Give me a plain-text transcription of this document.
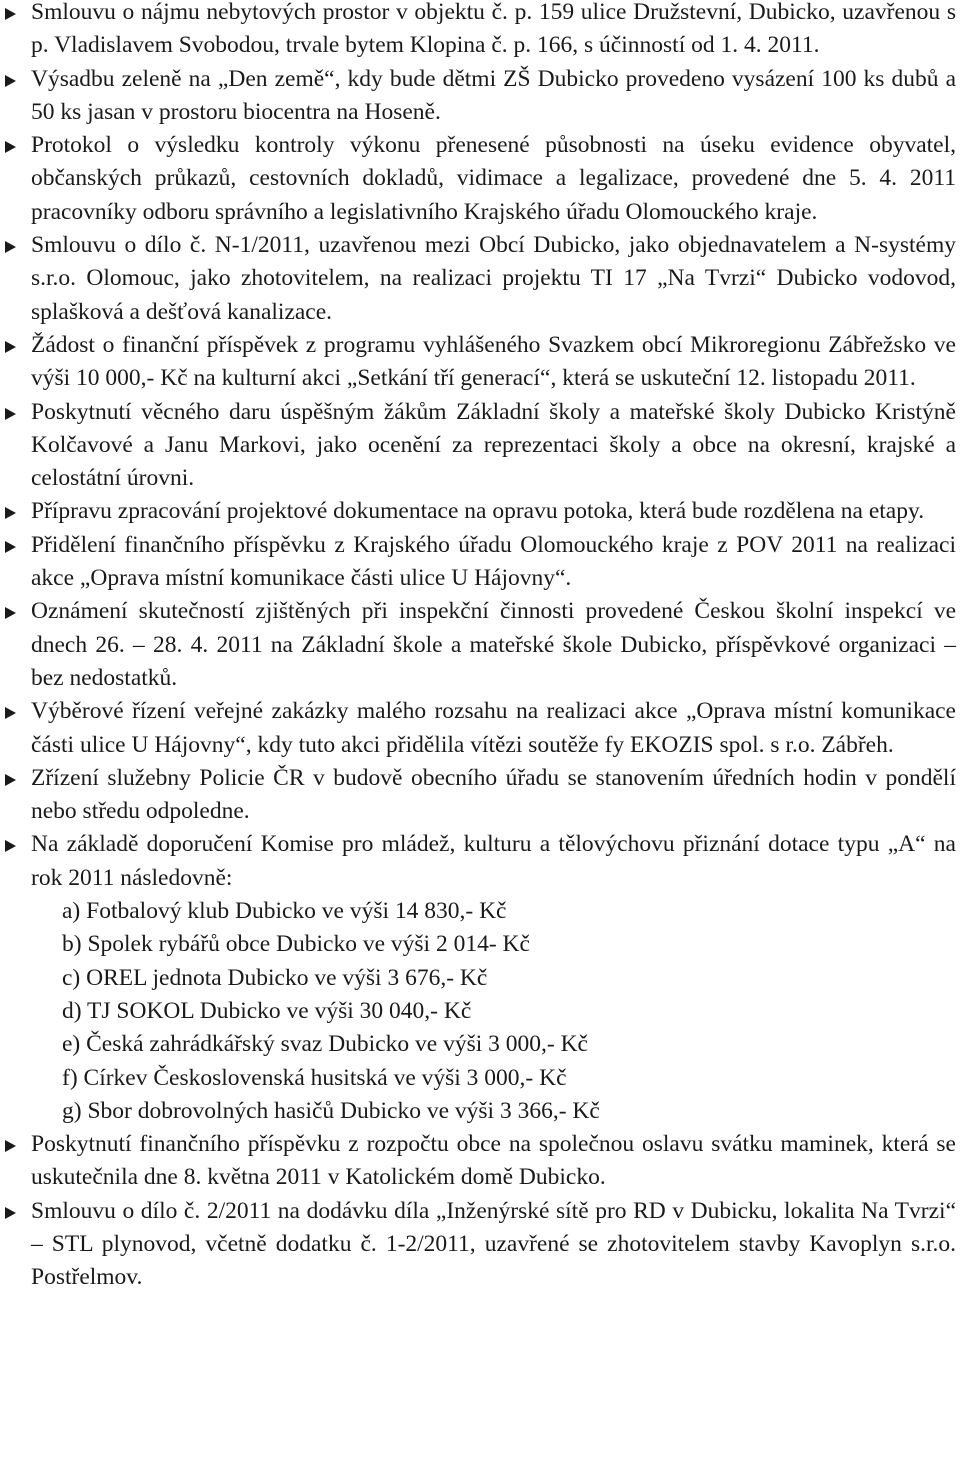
Smlouvu o nájmu nebytových prostor v objektu č. p. 159 ulice Družstevní, Dubicko, uzavřenou s p. Vladislavem Svobodou, trvale bytem Klopina č. p. 166, s účinností od 1. 4. 2011.
Výsadbu zeleně na „Den země“, kdy bude dětmi ZŠ Dubicko provedeno vysázení 100 ks dubů a 50 ks jasan v prostoru biocentra na Hoseně.
Protokol o výsledku kontroly výkonu přenesené působnosti na úseku evidence obyvatel, občanských průkazů, cestovních dokladů, vidimace a legalizace, provedené dne 5. 4. 2011 pracovníky odboru správního a legislativního Krajského úřadu Olomouckého kraje.
Smlouvu o dílo č. N-1/2011, uzavřenou mezi Obcí Dubicko, jako objednavatelem a N-systémy s.r.o. Olomouc, jako zhotovitelem, na realizaci projektu TI 17 „Na Tvrzi“ Dubicko vodovod, splašková a dešťová kanalizace.
Žádost o finanční příspěvek z programu vyhlášeného Svazkem obcí Mikroregionu Zábřežsko ve výši 10 000,- Kč na kulturní akci „Setkání tří generací“, která se uskuteční 12. listopadu 2011.
Poskytnutí věcného daru úspěšným žákům Základní školy a mateřské školy Dubicko Kristýně Kolčavové a Janu Markovi, jako ocenění za reprezentaci školy a obce na okresní, krajské a celostátní úrovni.
Přípravu zpracování projektové dokumentace na opravu potoka, která bude rozdělena na etapy.
Přidělení finančního příspěvku z Krajského úřadu Olomouckého kraje z POV 2011 na realizaci akce „Oprava místní komunikace části ulice U Hájovny“.
Oznámení skutečností zjištěných při inspekční činnosti provedené Českou školní inspekcí ve dnech 26. – 28. 4. 2011 na Základní škole a mateřské škole Dubicko, příspěvkové organizaci – bez nedostatků.
Výběrové řízení veřejné zakázky malého rozsahu na realizaci akce „Oprava místní komunikace části ulice U Hájovny“, kdy tuto akci přidělila vítězi soutěže fy EKOZIS spol. s r.o. Zábřeh.
Zřízení služebny Policie ČR v budově obecního úřadu se stanovením úředních hodin v pondělí nebo středu odpoledne.
Na základě doporučení Komise pro mládež, kulturu a tělovýchovu přiznání dotace typu „A“ na rok 2011 následovně:
a) Fotbalový klub Dubicko ve výši 14 830,- Kč
b) Spolek rybářů obce Dubicko ve výši 2 014- Kč
c) OREL jednota Dubicko ve výši 3 676,- Kč
d) TJ SOKOL Dubicko ve výši 30 040,- Kč
e) Česká zahrádkářský svaz Dubicko ve výši 3 000,- Kč
f) Církev Československá husitská ve výši 3 000,- Kč
g) Sbor dobrovolných hasičů Dubicko ve výši 3 366,- Kč
Poskytnutí finančního příspěvku z rozpočtu obce na společnou oslavu svátku maminek, která se uskutečnila dne 8. května 2011 v Katolickém domě Dubicko.
Smlouvu o dílo č. 2/2011 na dodávku díla „Inženýrské sítě pro RD v Dubicku, lokalita Na Tvrzi“ – STL plynovod, včetně dodatku č. 1-2/2011, uzavřené se zhotovitelem stavby Kavoplyn s.r.o. Postřelmov.
